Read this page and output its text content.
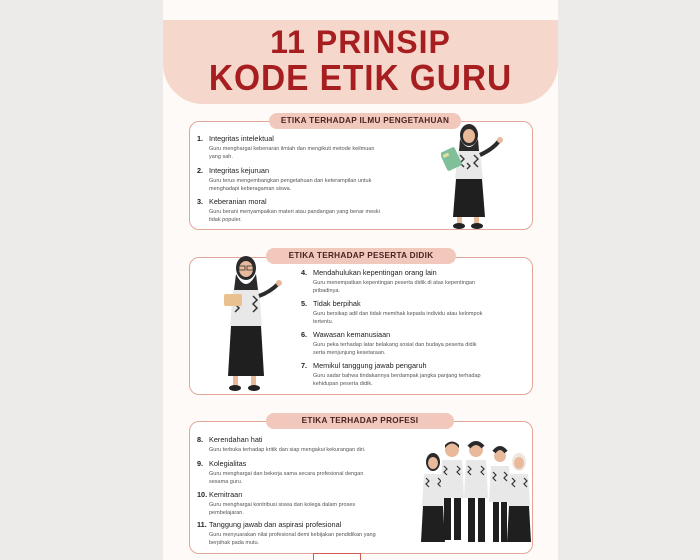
11 PRINSIP
KODE ETIK GURU
ETIKA TERHADAP ILMU PENGETAHUAN
1. Integritas intelektual
Guru menghargai kebenaran ilmiah dan mengikuti metode keilmuan
yang sah.
2. Integritas kejuruan
Guru terus mengembangkan pengetahuan dan keterampilan untuk
menghadapi keberagaman siswa.
3. Keberanian moral
Guru berani menyampaikan materi atau pandangan yang benar meski
tidak populer.
ETIKA TERHADAP PESERTA DIDIK
4. Mendahulukan kepentingan orang lain
Guru menempatkan kepentingan peserta didik di atas kepentingan
pribadinya.
5. Tidak berpihak
Guru bersikap adil dan tidak memihak kepada individu atau kelompok
tertentu.
6. Wawasan kemanusiaan
Guru peka terhadap latar belakang sosial dan budaya peserta didik
serta menjunjung kesetaraan.
7. Memikul tanggung jawab pengaruh
Guru sadar bahwa tindakannya berdampak jangka panjang terhadap
kehidupan peserta didik.
ETIKA TERHADAP PROFESI
8. Kerendahan hati
Guru terbuka terhadap kritik dan siap mengakui kekurangan diri.
9. Kolegialitas
Guru menghargai dan bekerja sama secara profesional dengan
sesama guru.
10. Kemitraan
Guru menghargai kontribusi siswa dan kolega dalam proses
pembelajaran.
11. Tanggung jawab dan aspirasi profesional
Guru menyuarakan nilai profesional demi kebijakan pendidikan yang
berpihak pada mutu.
